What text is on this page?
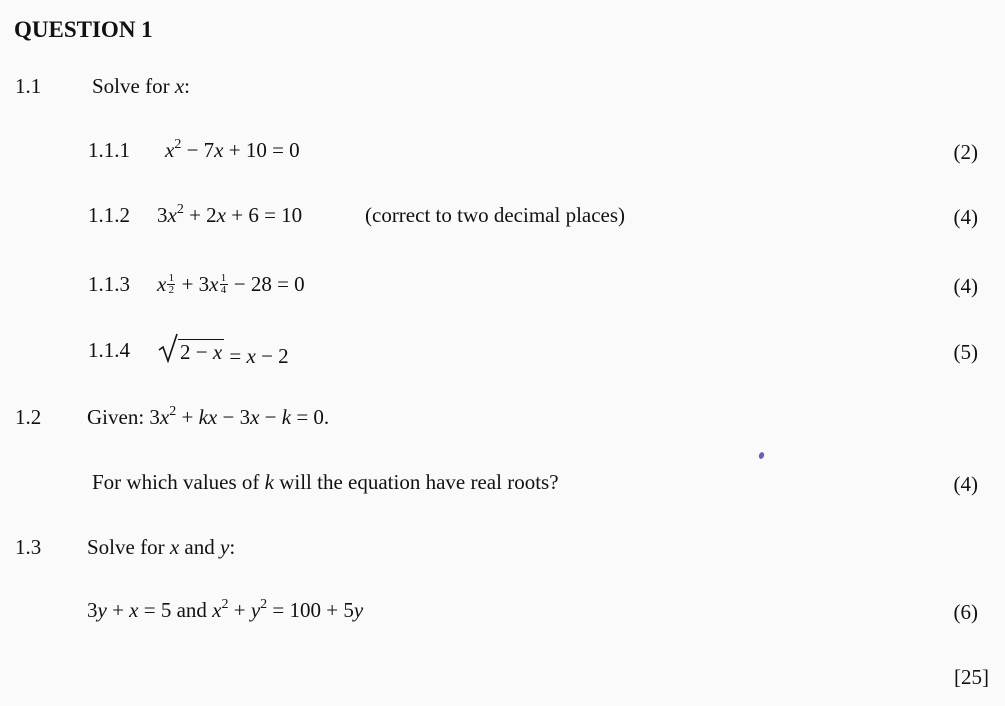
QUESTION 1
1.1 Solve for x:
1.1.1 $x^2 - 7x + 10 = 0$	(2)
1.1.2 $3x^2 + 2x + 6 = 10$	(correct to two decimal places)	(4)
1.1.3 x $\frac{1}{2} + 3x \frac{1}{4} - 28 = 0$	(4)
1.1.4 2 − x = x − 2	(5)
1.2 Given: $3x^2$ + kx − 3x − k = 0.
For which values of k will the equation have real roots?	(4)
1.3 Solve for x and y:
3y + x = 5 and $x^2 + y^2 = 100 + 5y$	(6)
[25]
